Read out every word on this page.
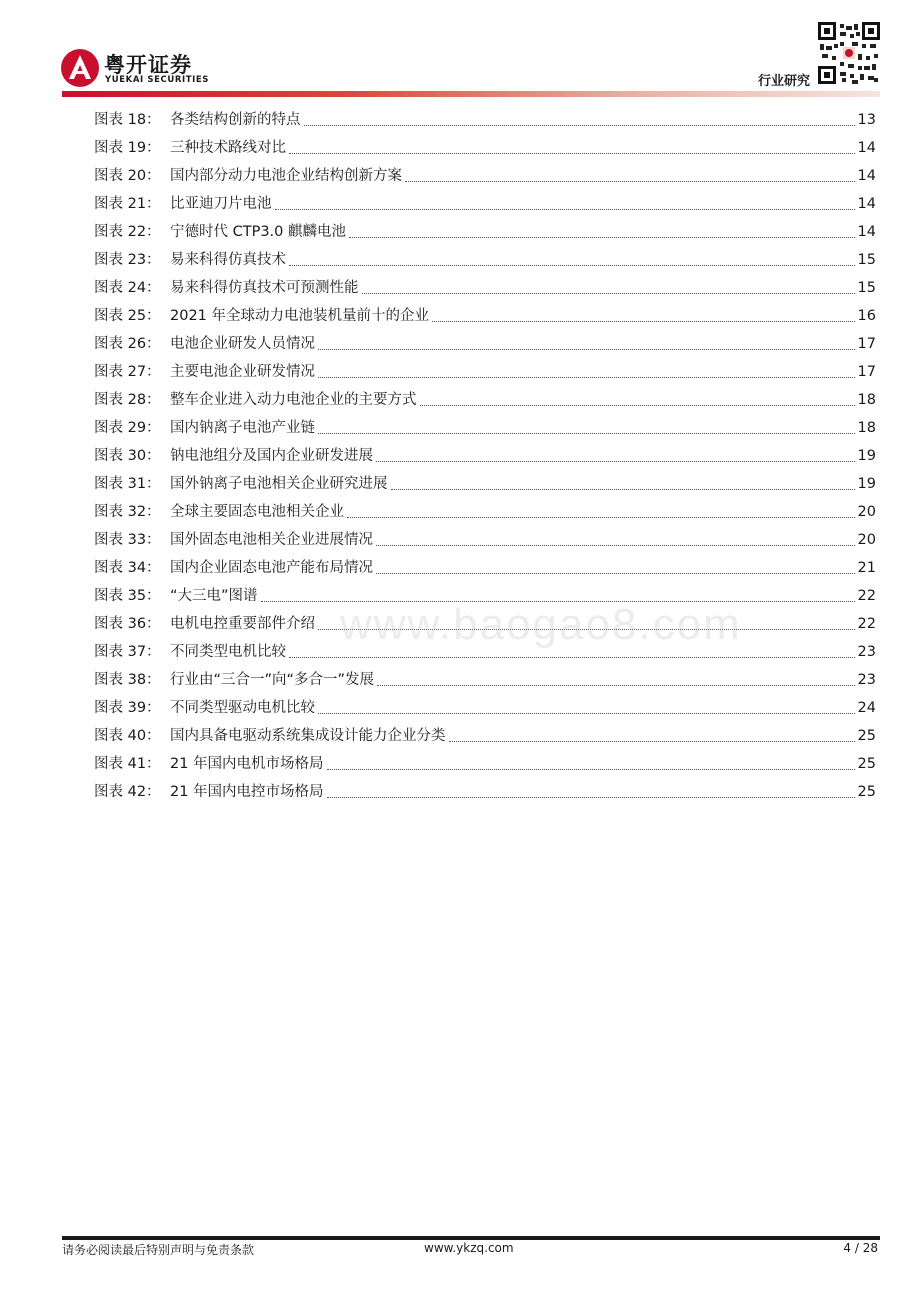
粤开证券
YUEKAI SECURITIES	行业研究
图表 18： 各类结构创新的特点	13
图表 19： 三种技术路线对比	14
图表 20： 国内部分动力电池企业结构创新方案	14
图表 21： 比亚迪刀片电池	14
图表 22： 宁德时代 CTP3.0 麒麟电池	14
图表 23： 易来科得仿真技术	15
图表 24： 易来科得仿真技术可预测性能	15
图表 25： 2021 年全球动力电池装机量前十的企业	16
图表 26： 电池企业研发人员情况	17
图表 27： 主要电池企业研发情况	17
图表 28： 整车企业进入动力电池企业的主要方式	18
图表 29： 国内钠离子电池产业链	18
图表 30： 钠电池组分及国内企业研发进展	19
图表 31： 国外钠离子电池相关企业研究进展	19
图表 32： 全球主要固态电池相关企业	20
图表 33： 国外固态电池相关企业进展情况	20
图表 34： 国内企业固态电池产能布局情况	21
图表 35： “大三电”图谱	22
图表 36： 电机电控重要部件介绍	22
图表 37： 不同类型电机比较	23
图表 38： 行业由“三合一”向“多合一”发展	23
图表 39： 不同类型驱动电机比较	24
图表 40： 国内具备电驱动系统集成设计能力企业分类	25
图表 41： 21 年国内电机市场格局	25
图表 42： 21 年国内电控市场格局	25
www.baogao8.com
请务必阅读最后特别声明与免责条款	www.ykzq.com	4 / 28
